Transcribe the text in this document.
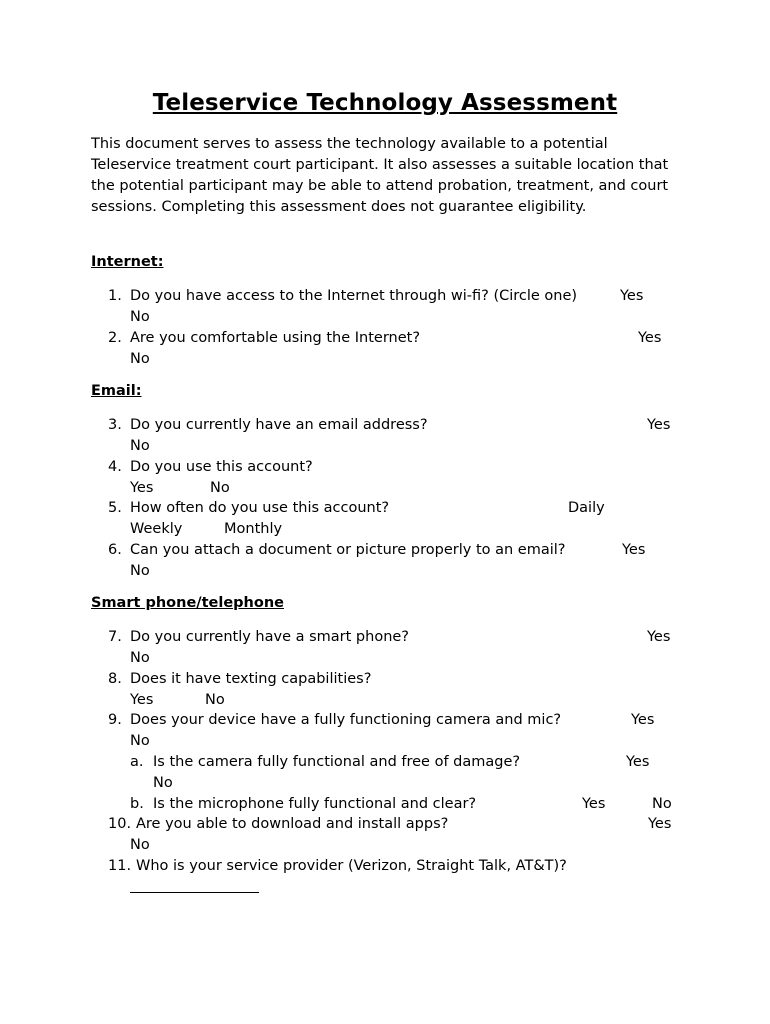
Teleservice Technology Assessment

This document serves to assess the technology available to a potential Teleservice treatment court participant. It also assesses a suitable location that the potential participant may be able to attend probation, treatment, and court sessions. Completing this assessment does not guarantee eligibility.

Internet:
1. Do you have access to the Internet through wi-fi? (Circle one)	Yes
No
2. Are you comfortable using the Internet?	Yes
No
Email:
3. Do you currently have an email address?	Yes
No
4. Do you use this account?
Yes	No
5. How often do you use this account?	Daily
Weekly	Monthly
6. Can you attach a document or picture properly to an email?	Yes
No
Smart phone/telephone
7. Do you currently have a smart phone?	Yes
No
8. Does it have texting capabilities?
Yes	No
9. Does your device have a fully functioning camera and mic?	Yes
No
a. Is the camera fully functional and free of damage?	Yes
No
b. Is the microphone fully functional and clear?	Yes	No
10. Are you able to download and install apps?	Yes
No
11. Who is your service provider (Verizon, Straight Talk, AT&T)?
